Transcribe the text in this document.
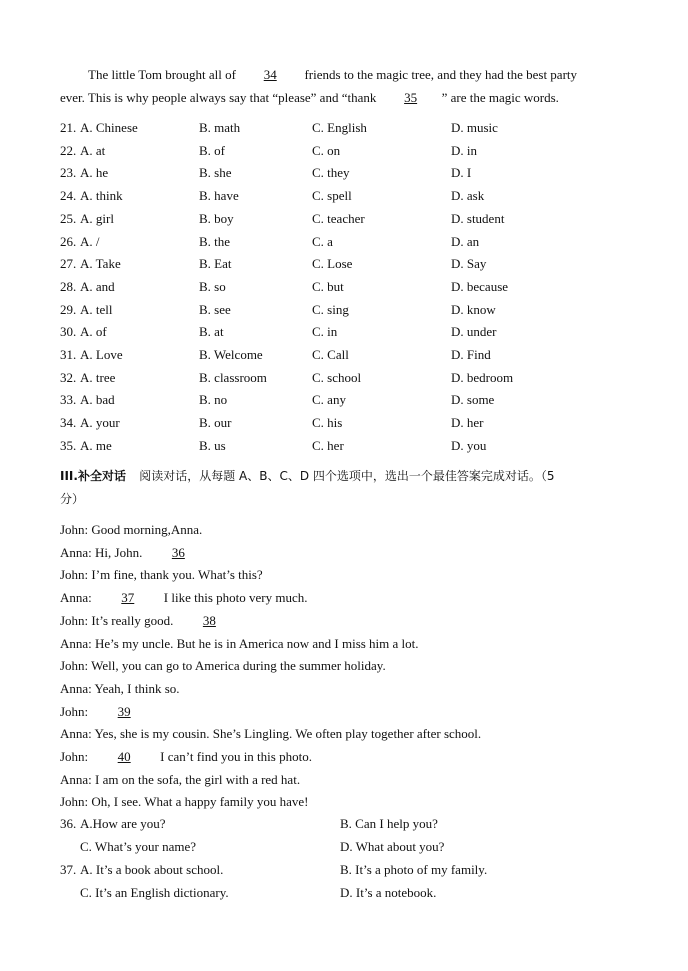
The little Tom brought all of 34 friends to the magic tree, and they had the best party
ever. This is why people always say that “please” and “thank 35 ” are the magic words.
21. A. Chinese	B. math	C. English	D. music
22. A. at	B. of	C. on	D. in
23. A. he	B. she	C. they	D. I
24. A. think	B. have	C. spell	D. ask
25. A. girl	B. boy	C. teacher	D. student
26. A. /	B. the	C. a	D. an
27. A. Take	B. Eat	C. Lose	D. Say
28. A. and	B. so	C. but	D. because
29. A. tell	B. see	C. sing	D. know
30. A. of	B. at	C. in	D. under
31. A. Love	B. Welcome	C. Call	D. Find
32. A. tree	B. classroom	C. school	D. bedroom
33. A. bad	B. no	C. any	D. some
34. A. your	B. our	C. his	D. her
35. A. me	B. us	C. her	D. you
III.补全对话 阅读对话，从每题 A、B、C、D 四个选项中，选出一个最佳答案完成对话。（5
分）
John: Good morning,Anna.
Anna: Hi, John. 36
John: I’m fine, thank you. What’s this?
Anna: 37 I like this photo very much.
John: It’s really good. 38
Anna: He’s my uncle. But he is in America now and I miss him a lot.
John: Well, you can go to America during the summer holiday.
Anna: Yeah, I think so.
John: 39
Anna: Yes, she is my cousin. She’s Lingling. We often play together after school.
John: 40 I can’t find you in this photo.
Anna: I am on the sofa, the girl with a red hat.
John: Oh, I see. What a happy family you have!
36. A.How are you?	B. Can I help you?
C. What’s your name?	D. What about you?
37. A. It’s a book about school.	B. It’s a photo of my family.
C. It’s an English dictionary.	D. It’s a notebook.
